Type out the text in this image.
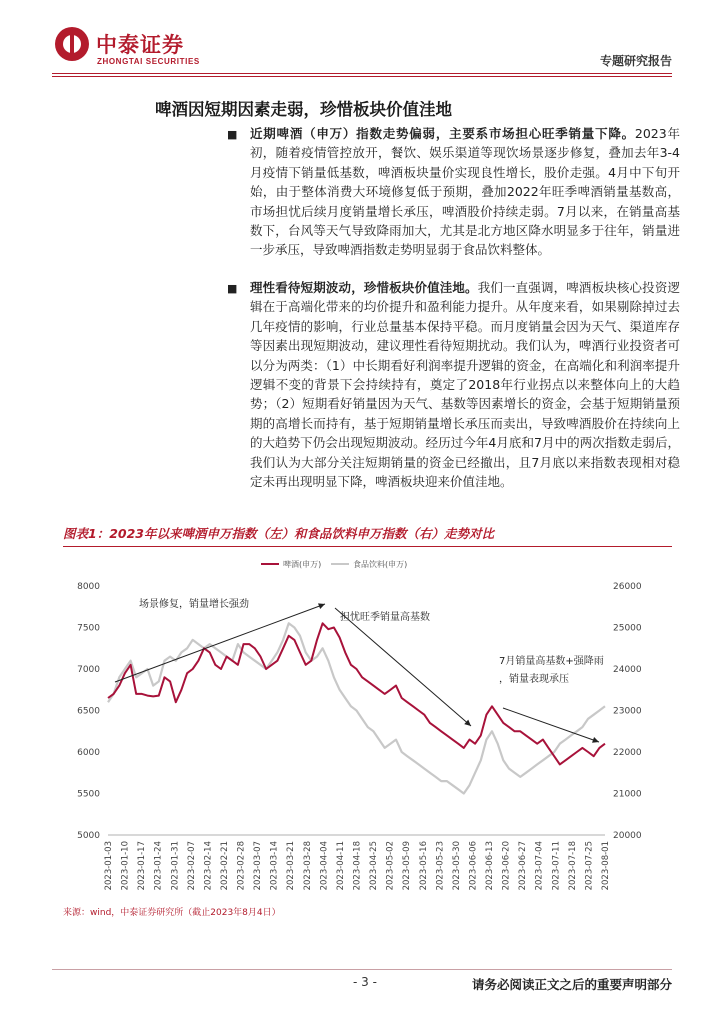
中泰证券
ZHONGTAI SECURITIES	专题研究报告
啤酒因短期因素走弱，珍惜板块价值洼地
■ 近期啤酒（申万）指数走势偏弱，主要系市场担心旺季销量下降。2023年初，随着疫情管控放开，餐饮、娱乐渠道等现饮场景逐步修复，叠加去年3-4月疫情下销量低基数，啤酒板块量价实现良性增长，股价走强。4月中下旬开始，由于整体消费大环境修复低于预期，叠加2022年旺季啤酒销量基数高，市场担忧后续月度销量增长承压，啤酒股价持续走弱。7月以来，在销量高基数下，台风等天气导致降雨加大，尤其是北方地区降水明显多于往年，销量进一步承压，导致啤酒指数走势明显弱于食品饮料整体。
■ 理性看待短期波动，珍惜板块价值洼地。我们一直强调，啤酒板块核心投资逻辑在于高端化带来的均价提升和盈利能力提升。从年度来看，如果剔除掉过去几年疫情的影响，行业总量基本保持平稳。而月度销量会因为天气、渠道库存等因素出现短期波动，建议理性看待短期扰动。我们认为，啤酒行业投资者可以分为两类：（1）中长期看好利润率提升逻辑的资金，在高端化和利润率提升逻辑不变的背景下会持续持有，奠定了2018年行业拐点以来整体向上的大趋势；（2）短期看好销量因为天气、基数等因素增长的资金，会基于短期销量预期的高增长而持有，基于短期销量增长承压而卖出，导致啤酒股价在持续向上的大趋势下仍会出现短期波动。经历过今年4月底和7月中的两次指数走弱后，我们认为大部分关注短期销量的资金已经撤出，且7月底以来指数表现相对稳定未再出现明显下降，啤酒板块迎来价值洼地。
图表1：2023年以来啤酒申万指数（左）和食品饮料申万指数（右）走势对比
啤酒(申万)	食品饮料(申万)
5000
5500
6000
6500
7000
7500
8000
20000
21000
22000
23000
24000
25000
26000
2023-01-03 2023-01-10 2023-01-17 2023-01-24 2023-01-31 2023-02-07 2023-02-14 2023-02-21 2023-02-28 2023-03-07 2023-03-14 2023-03-21 2023-03-28 2023-04-04 2023-04-11 2023-04-18 2023-04-25 2023-05-02 2023-05-09 2023-05-16 2023-05-23 2023-05-30 2023-06-06 2023-06-13 2023-06-20 2023-06-27 2023-07-04 2023-07-11 2023-07-18 2023-07-25 2023-08-01
场景修复，销量增长强劲
担忧旺季销量高基数
7月销量高基数+强降雨
，销量表现承压
来源：wind，中泰证券研究所（截止2023年8月4日）
- 3 -	请务必阅读正文之后的重要声明部分
